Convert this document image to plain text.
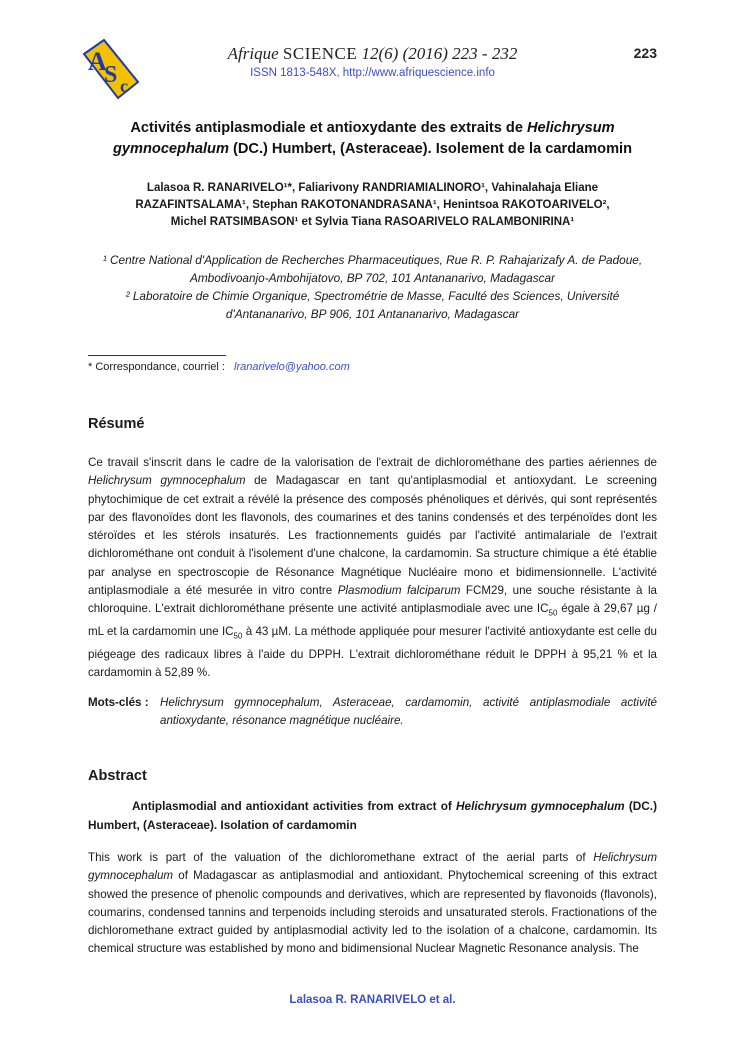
A
S c
Afrique SCIENCE 12(6) (2016) 223 - 232
ISSN 1813-548X, http://www.afriquescience.info
223
Activités antiplasmodiale et antioxydante des extraits de Helichrysum gymnocephalum (DC.) Humbert, (Asteraceae). Isolement de la cardamomin
Lalasoa R. RANARIVELO¹*, Faliarivony RANDRIAMIALINORO¹, Vahinalahaja Eliane
RAZAFINTSALAMA¹, Stephan RAKOTONANDRASANA¹, Henintsoa RAKOTOARIVELO²,
Michel RATSIMBASON¹ et Sylvia Tiana RASOARIVELO RALAMBONIRINA¹
¹ Centre National d'Application de Recherches Pharmaceutiques, Rue R. P. Rahajarizafy A. de Padoue, Ambodivoanjo-Ambohijatovo, BP 702, 101 Antananarivo, Madagascar
² Laboratoire de Chimie Organique, Spectrométrie de Masse, Faculté des Sciences, Université d'Antananarivo, BP 906, 101 Antananarivo, Madagascar
* Correspondance, courriel : lranarivelo@yahoo.com
Résumé
Ce travail s'inscrit dans le cadre de la valorisation de l'extrait de dichlorométhane des parties aériennes de Helichrysum gymnocephalum de Madagascar en tant qu'antiplasmodial et antioxydant. Le screening phytochimique de cet extrait a révélé la présence des composés phénoliques et dérivés, qui sont représentés par des flavonoïdes dont les flavonols, des coumarines et des tanins condensés et des terpénoïdes dont les stéroïdes et les stérols insaturés. Les fractionnements guidés par l'activité antimalariale de l'extrait dichlorométhane ont conduit à l'isolement d'une chalcone, la cardamomin. Sa structure chimique a été établie par analyse en spectroscopie de Résonance Magnétique Nucléaire mono et bidimensionnelle. L'activité antiplasmodiale a été mesurée in vitro contre Plasmodium falciparum FCM29, une souche résistante à la chloroquine. L'extrait dichlorométhane présente une activité antiplasmodiale avec une $IC_{50}$ égale à 29,67 µg / mL et la cardamomin une $IC_{50}$ à 43 µM. La méthode appliquée pour mesurer l'activité antioxydante est celle du piégeage des radicaux libres à l'aide du DPPH. L'extrait dichlorométhane réduit le DPPH à 95,21 % et la cardamomin à 52,89 %.
Mots-clés : Helichrysum gymnocephalum, Asteraceae, cardamomin, activité antiplasmodiale activité antioxydante, résonance magnétique nucléaire.
Abstract
Antiplasmodial and antioxidant activities from extract of Helichrysum gymnocephalum (DC.) Humbert, (Asteraceae). Isolation of cardamomin
This work is part of the valuation of the dichloromethane extract of the aerial parts of Helichrysum gymnocephalum of Madagascar as antiplasmodial and antioxidant. Phytochemical screening of this extract showed the presence of phenolic compounds and derivatives, which are represented by flavonoids (flavonols), coumarins, condensed tannins and terpenoids including steroids and unsaturated sterols. Fractionations of the dichloromethane extract guided by antiplasmodial activity led to the isolation of a chalcone, cardamomin. Its chemical structure was established by mono and bidimensional Nuclear Magnetic Resonance analysis. The
Lalasoa R. RANARIVELO et al.
